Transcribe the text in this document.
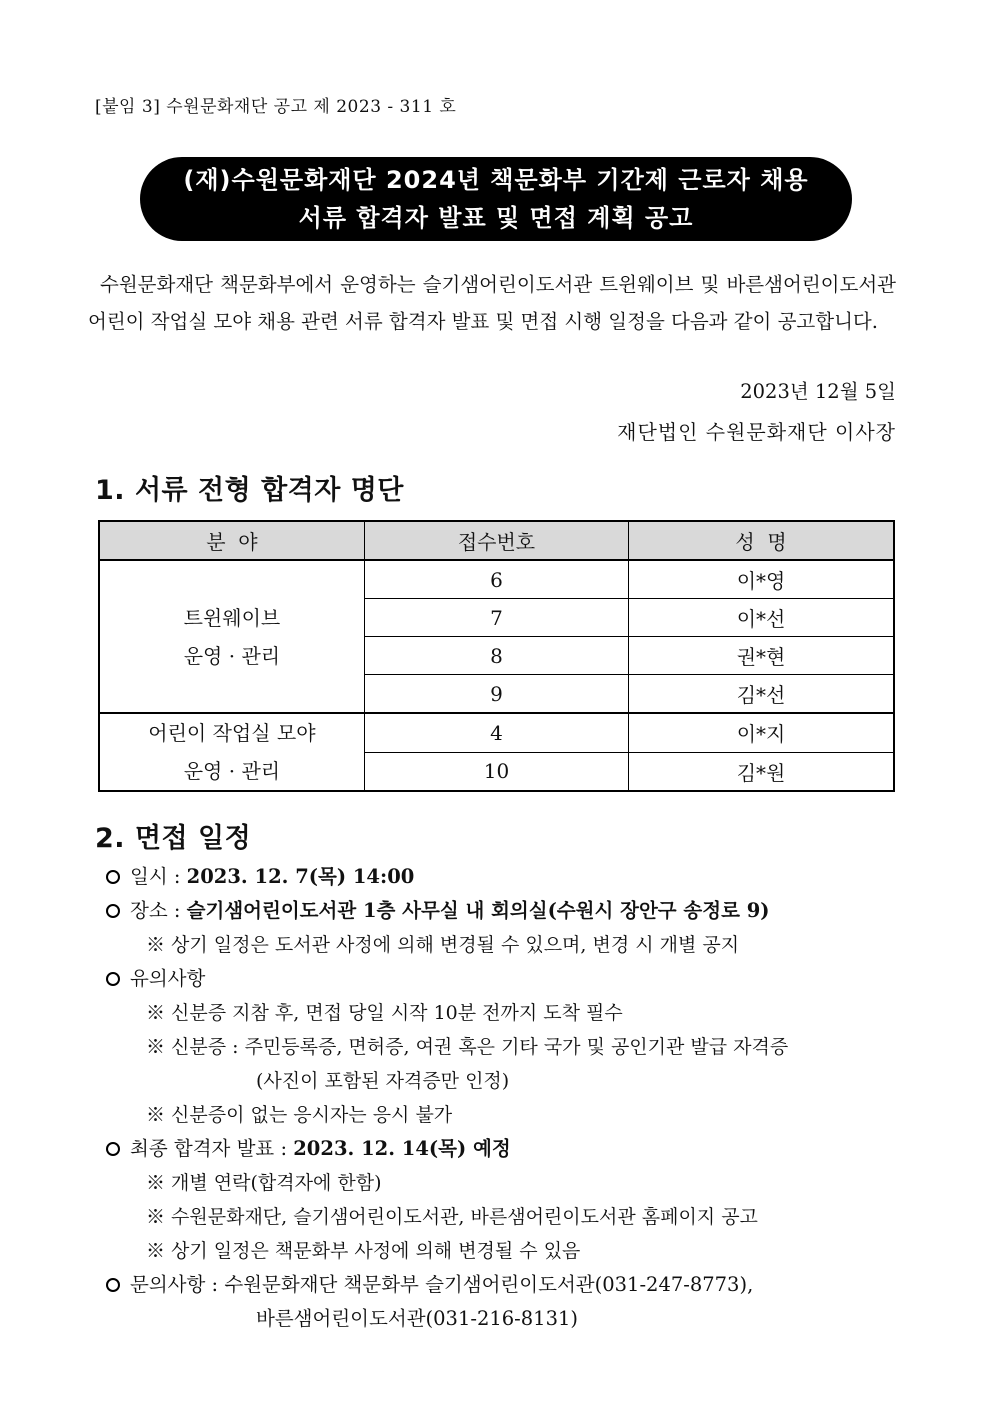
[붙임 3] 수원문화재단 공고 제 2023 - 311 호
(재)수원문화재단 2024년 책문화부 기간제 근로자 채용
서류 합격자 발표 및 면접 계획 공고
수원문화재단 책문화부에서 운영하는 슬기샘어린이도서관 트윈웨이브 및 바른샘어린이도서관 어린이 작업실 모야 채용 관련 서류 합격자 발표 및 면접 시행 일정을 다음과 같이 공고합니다.
2023년 12월 5일
재단법인 수원문화재단 이사장
1. 서류 전형 합격자 명단
분  야	접수번호	성  명

트윈웨이브
운영 · 관리	6	이*영
	7	이*선
	8	권*현
	9	김*선

어린이 작업실 모야
운영 · 관리	4	이*지
	10	김*원
2. 면접 일정
일시 : 2023. 12. 7(목) 14:00
장소 : 슬기샘어린이도서관 1층 사무실 내 회의실(수원시 장안구 송정로 9)
※ 상기 일정은 도서관 사정에 의해 변경될 수 있으며, 변경 시 개별 공지
유의사항
※ 신분증 지참 후, 면접 당일 시작 10분 전까지 도착 필수
※ 신분증 : 주민등록증, 면허증, 여권 혹은 기타 국가 및 공인기관 발급 자격증
(사진이 포함된 자격증만 인정)
※ 신분증이 없는 응시자는 응시 불가
최종 합격자 발표 : 2023. 12. 14(목) 예정
※ 개별 연락(합격자에 한함)
※ 수원문화재단, 슬기샘어린이도서관, 바른샘어린이도서관 홈페이지 공고
※ 상기 일정은 책문화부 사정에 의해 변경될 수 있음
문의사항 : 수원문화재단 책문화부 슬기샘어린이도서관(031-247-8773),
바른샘어린이도서관(031-216-8131)
